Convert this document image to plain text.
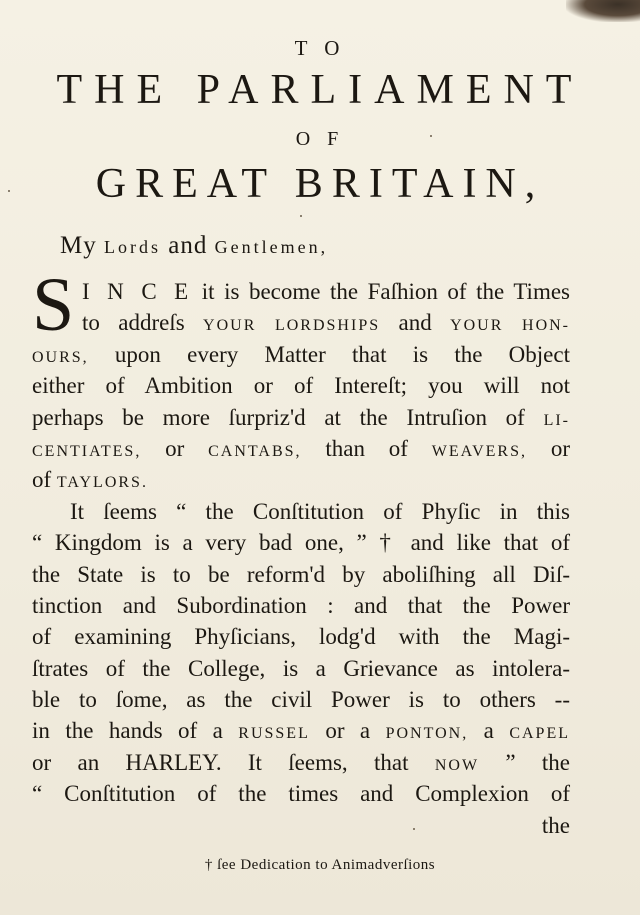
T O
THE PARLIAMENT
O F
GREAT BRITAIN,
My Lords and Gentlemen,
S I N C E it is become the Faſhion of the Times
to addreſs YOUR LORDSHIPS and YOUR HON-
OURS, upon every Matter that is the Object
either of Ambition or of Intereſt; you will not
perhaps be more ſurpriz'd at the Intruſion of LI-
CENTIATES, or CANTABS, than of WEAVERS, or
of TAYLORS.
It ſeems “ the Conſtitution of Phyſic in this
“ Kingdom is a very bad one, ” † and like that of
the State is to be reform'd by aboliſhing all Diſ-
tinction and Subordination : and that the Power
of examining Phyſicians, lodg'd with the Magi-
ſtrates of the College, is a Grievance as intolera-
ble to ſome, as the civil Power is to others --
in the hands of a RUSSEL or a PONTON, a CAPEL
or an HARLEY. It ſeems, that NOW ” the
“ Conſtitution of the times and Complexion of
the
† ſee Dedication to Animadverſions
